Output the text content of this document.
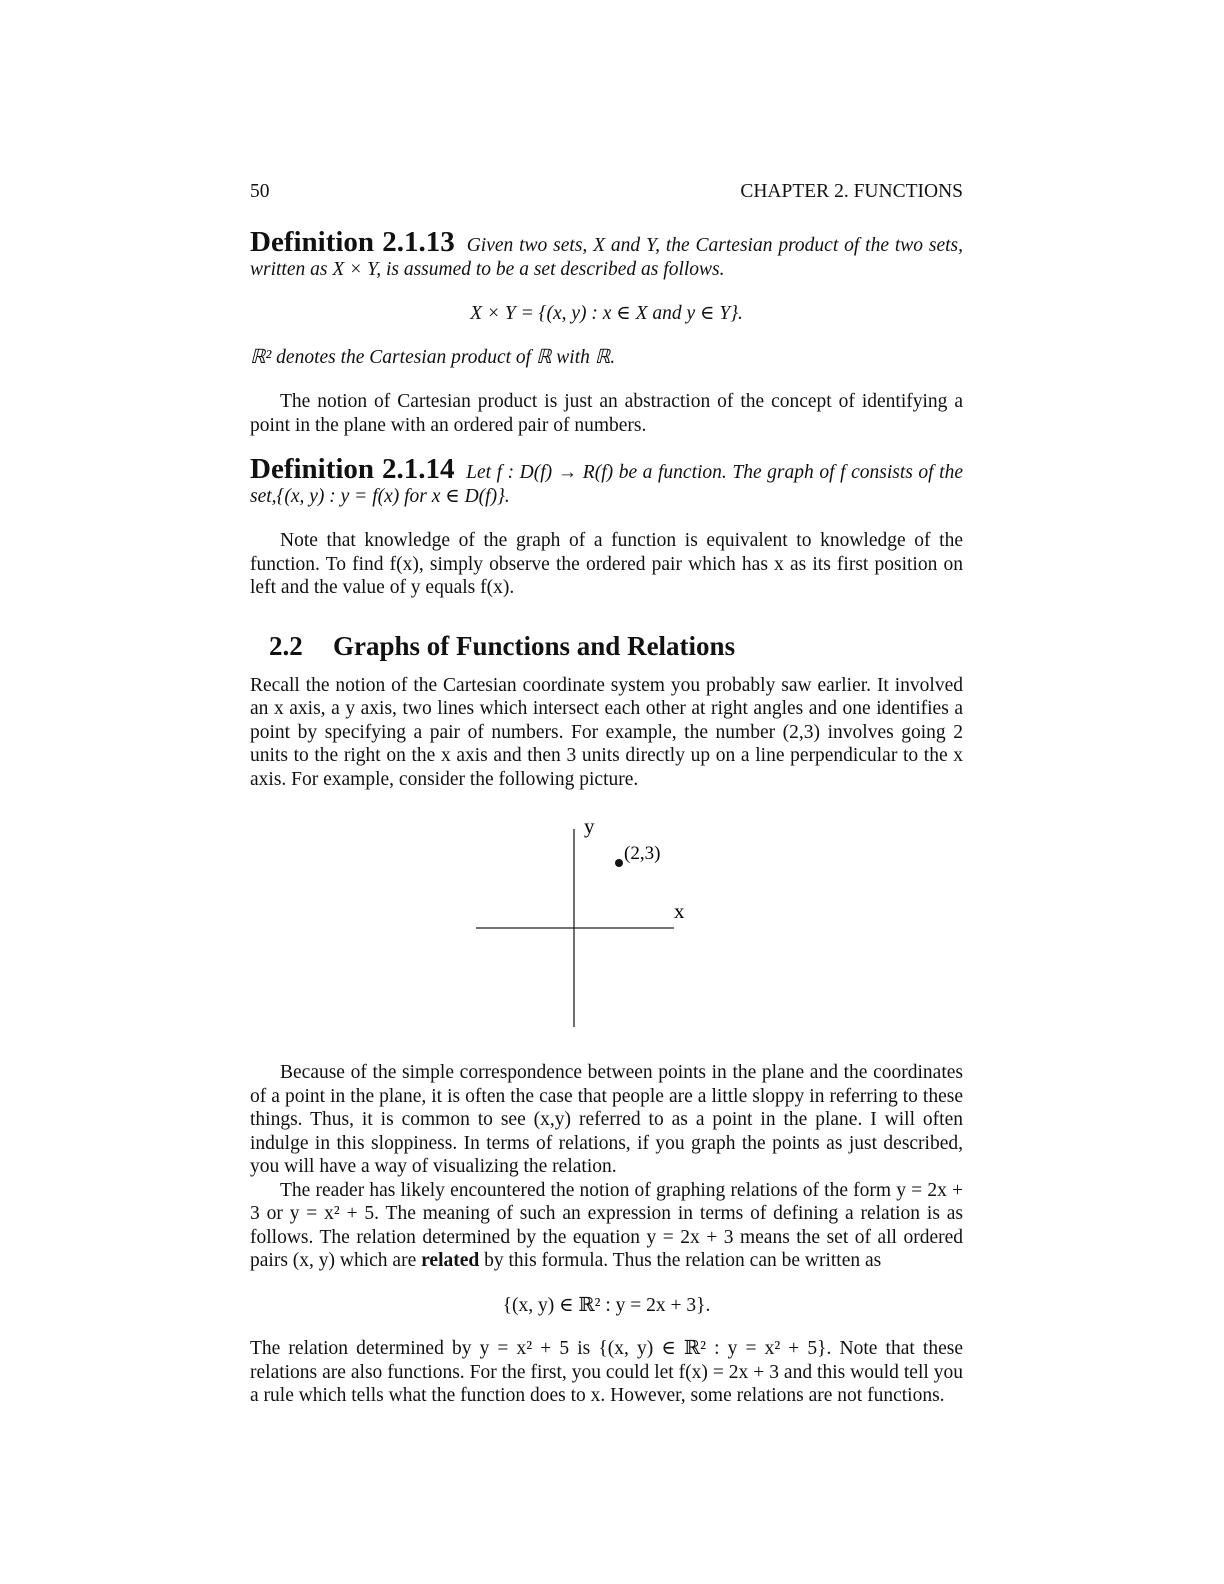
50	CHAPTER 2. FUNCTIONS
Definition 2.1.13 Given two sets, X and Y, the Cartesian product of the two sets, written as X × Y, is assumed to be a set described as follows.
X × Y = {(x, y) : x ∈ X and y ∈ Y}.
ℝ² denotes the Cartesian product of ℝ with ℝ.
The notion of Cartesian product is just an abstraction of the concept of identifying a point in the plane with an ordered pair of numbers.
Definition 2.1.14 Let f : D(f) → R(f) be a function. The graph of f consists of the set,{(x, y) : y = f(x) for x ∈ D(f)}.
Note that knowledge of the graph of a function is equivalent to knowledge of the function. To find f(x), simply observe the ordered pair which has x as its first position on left and the value of y equals f(x).
2.2 Graphs of Functions and Relations
Recall the notion of the Cartesian coordinate system you probably saw earlier. It involved an x axis, a y axis, two lines which intersect each other at right angles and one identifies a point by specifying a pair of numbers. For example, the number (2,3) involves going 2 units to the right on the x axis and then 3 units directly up on a line perpendicular to the x axis. For example, consider the following picture.
y
x
(2,3)
Because of the simple correspondence between points in the plane and the coordinates of a point in the plane, it is often the case that people are a little sloppy in referring to these things. Thus, it is common to see (x,y) referred to as a point in the plane. I will often indulge in this sloppiness. In terms of relations, if you graph the points as just described, you will have a way of visualizing the relation.
The reader has likely encountered the notion of graphing relations of the form y = 2x + 3 or y = x² + 5. The meaning of such an expression in terms of defining a relation is as follows. The relation determined by the equation y = 2x + 3 means the set of all ordered pairs (x, y) which are related by this formula. Thus the relation can be written as
{(x, y) ∈ ℝ² : y = 2x + 3}.
The relation determined by y = x² + 5 is {(x, y) ∈ ℝ² : y = x² + 5}. Note that these relations are also functions. For the first, you could let f(x) = 2x + 3 and this would tell you a rule which tells what the function does to x. However, some relations are not functions.
